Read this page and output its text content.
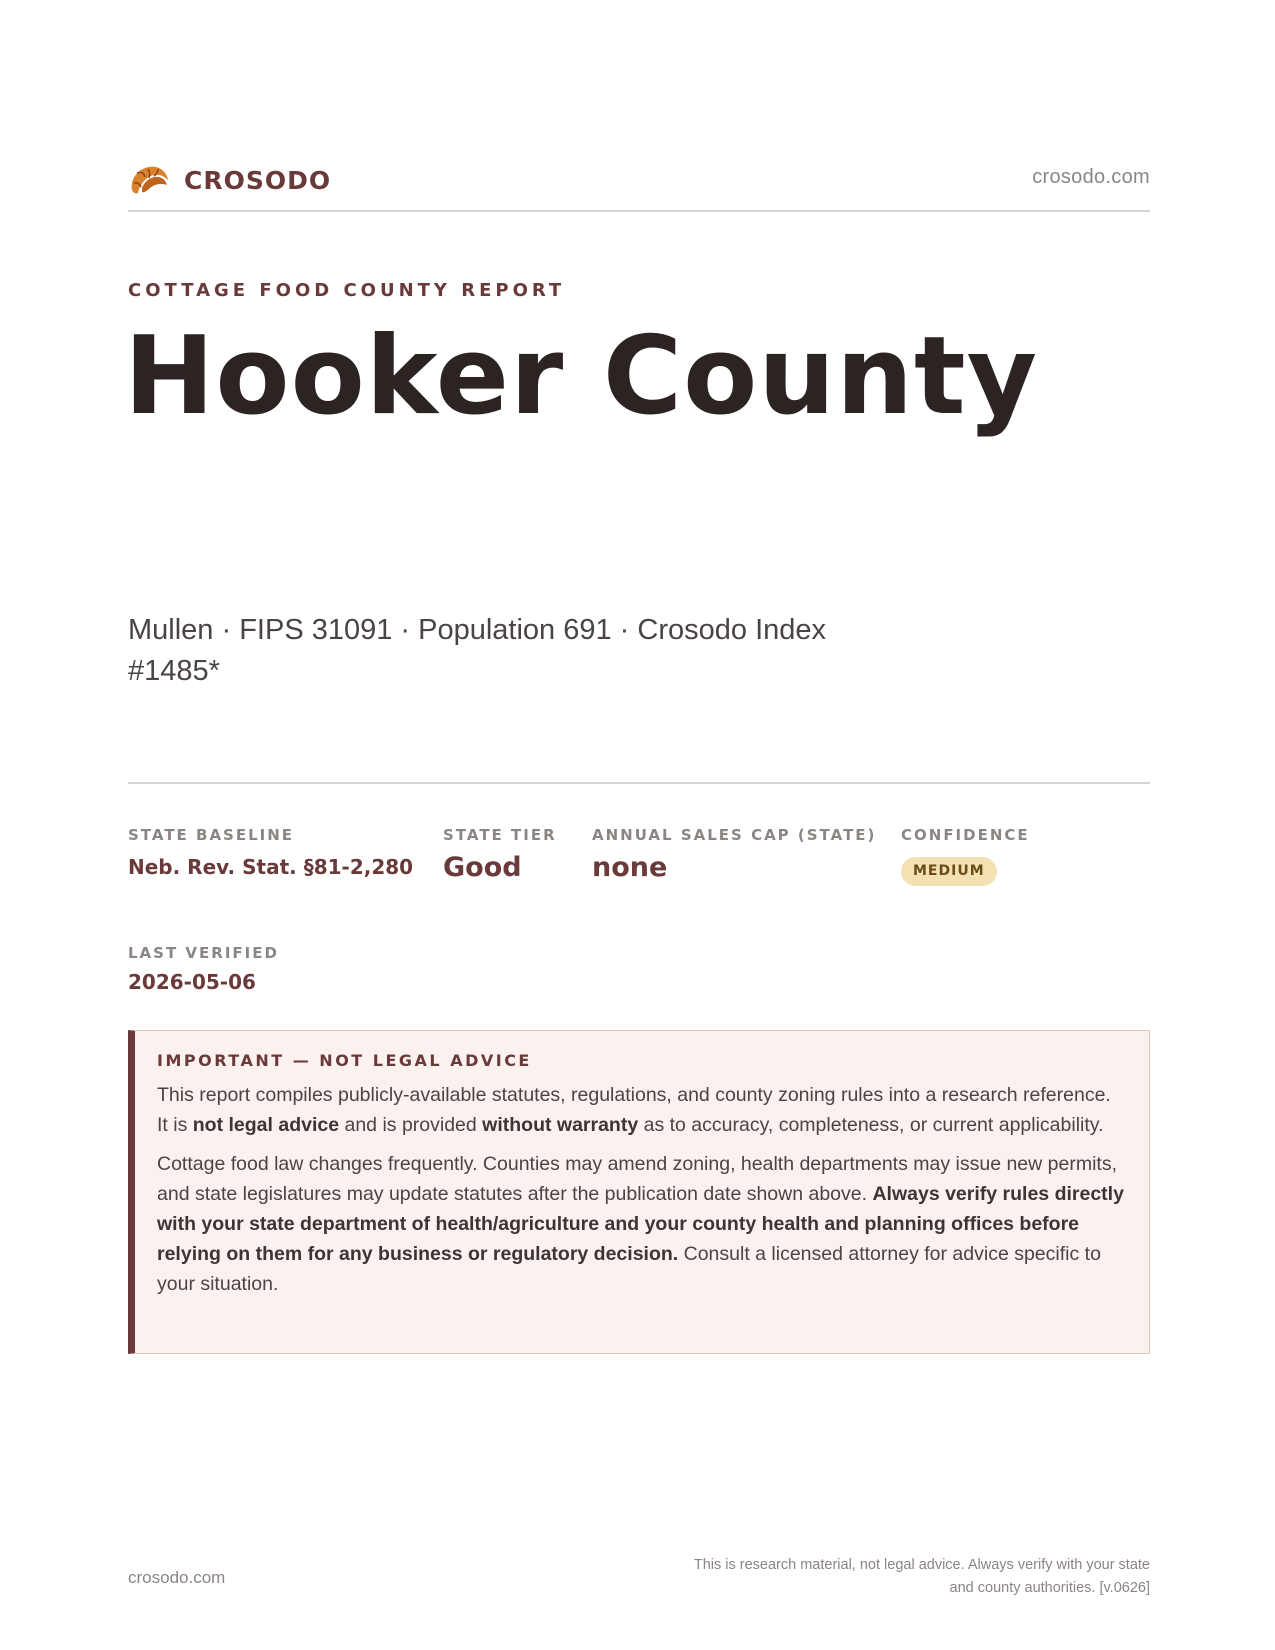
CROSODO	crosodo.com
COTTAGE FOOD COUNTY REPORT
Hooker County
Mullen · FIPS 31091 · Population 691 · Crosodo Index #1485*
STATE BASELINE
Neb. Rev. Stat. §81-2,280
STATE TIER
Good
ANNUAL SALES CAP (STATE)
none
CONFIDENCE
MEDIUM
LAST VERIFIED
2026-05-06
IMPORTANT — NOT LEGAL ADVICE

This report compiles publicly-available statutes, regulations, and county zoning rules into a research reference. It is not legal advice and is provided without warranty as to accuracy, completeness, or current applicability.

Cottage food law changes frequently. Counties may amend zoning, health departments may issue new permits, and state legislatures may update statutes after the publication date shown above. Always verify rules directly with your state department of health/agriculture and your county health and planning offices before relying on them for any business or regulatory decision. Consult a licensed attorney for advice specific to your situation.

crosodo.com
This is research material, not legal advice. Always verify with your state
and county authorities. [v.0626]
